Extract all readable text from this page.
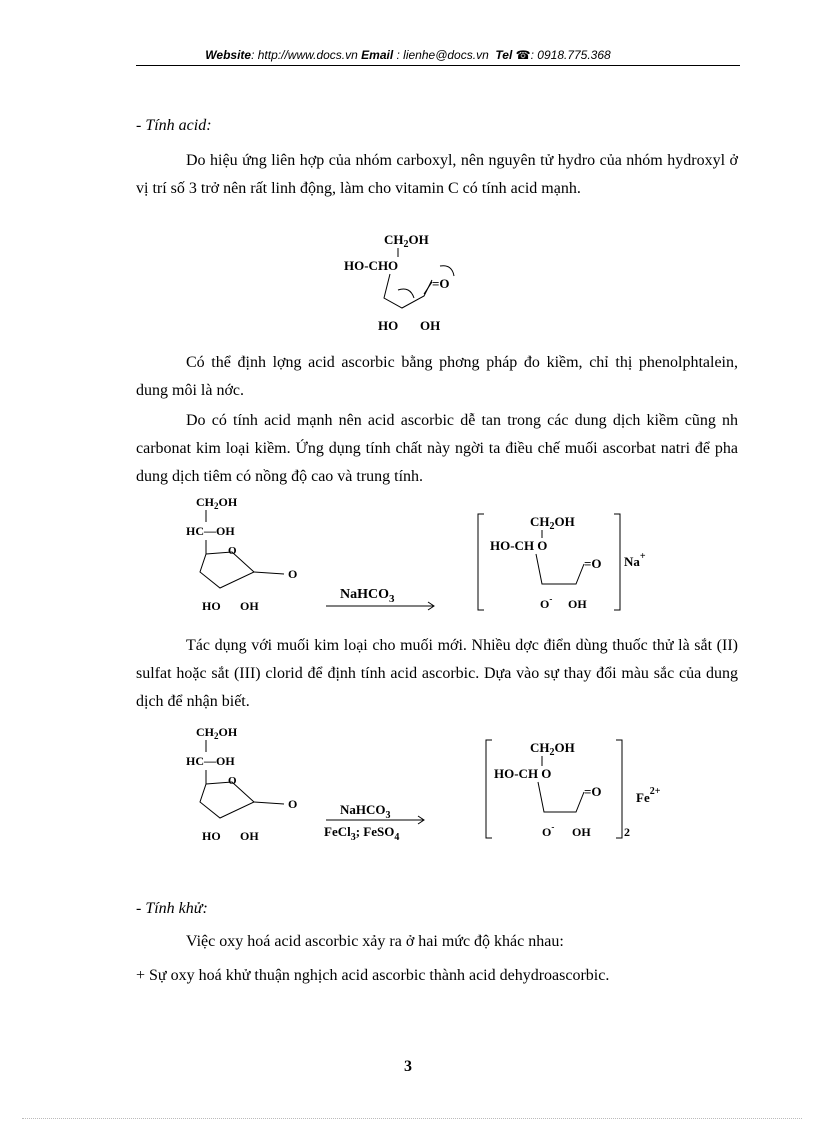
Website: http://www.docs.vn Email : lienhe@docs.vn Tel ☎: 0918.775.368
- Tính acid:
Do hiệu ứng liên hợp của nhóm carboxyl, nên nguyên tử hydro của nhóm hydroxyl ở vị trí số 3 trở nên rất linh động, làm cho vitamin C có tính acid mạnh.
$CH_2OH$
HO-CHO
=O
HO OH
Có thể định lợng acid ascorbic bằng phơng pháp đo kiềm, chỉ thị phenolphtalein, dung môi là nớc.
Do có tính acid mạnh nên acid ascorbic dễ tan trong các dung dịch kiềm cũng nh carbonat kim loại kiềm. Ứng dụng tính chất này ngời ta điều chế muối ascorbat natri để pha dung dịch tiêm có nồng độ cao và trung tính.
$CH_2OH$
HC—OH
O
O
HO OH
NaHCO$_3$
$CH_2OH$
HO-CH O
=O
O- OH
Na+
Tác dụng với muối kim loại cho muối mới. Nhiều dợc điển dùng thuốc thử là sắt (II) sulfat hoặc sắt (III) clorid để định tính acid ascorbic. Dựa vào sự thay đổi màu sắc của dung dịch để nhận biết.
$CH_2OH$
HC—OH
O
O
HO OH
NaHCO$_3$
FeCl$_3$; FeSO$_4$
$CH_2OH$
HO-CH O
=O
O- OH
$Fe^{2+}$
2
- Tính khử:
Việc oxy hoá acid ascorbic xảy ra ở hai mức độ khác nhau:
+ Sự oxy hoá khử thuận nghịch acid ascorbic thành acid dehydroascorbic.
3
